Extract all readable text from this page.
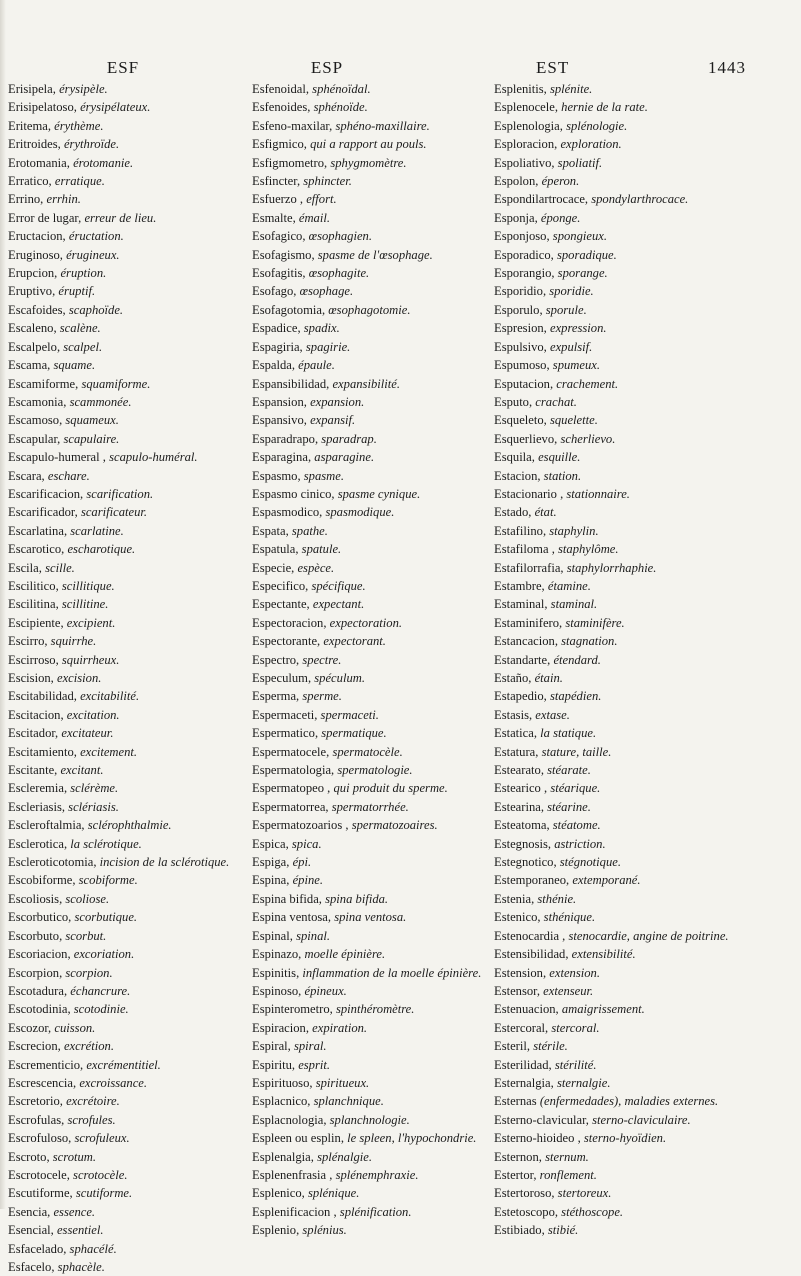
ESF	ESP	EST	1443

Erisipela, érysipèle.

Erisipelatoso, érysipélateux.

Eritema, érythème.

Eritroides, érythroïde.

Erotomania, érotomanie.

Erratico, erratique.

Errino, errhin.

Error de lugar, erreur de lieu.

Eructacion, éructation.

Eruginoso, érugineux.

Erupcion, éruption.

Eruptivo, éruptif.

Escafoides, scaphoïde.

Escaleno, scalène.

Escalpelo, scalpel.

Escama, squame.

Escamiforme, squamiforme.

Escamonia, scammonée.

Escamoso, squameux.

Escapular, scapulaire.

Escapulo-humeral , scapulo-huméral.

Escara, eschare.

Escarificacion, scarification.

Escarificador, scarificateur.

Escarlatina, scarlatine.

Escarotico, escharotique.

Escila, scille.

Escilitico, scillitique.

Escilitina, scillitine.

Escipiente, excipient.

Escirro, squirrhe.

Escirroso, squirrheux.

Escision, excision.

Escitabilidad, excitabilité.

Escitacion, excitation.

Escitador, excitateur.

Escitamiento, excitement.

Escitante, excitant.

Escleremia, sclérème.

Escleriasis, sclériasis.

Escleroftalmia, sclérophthalmie.

Esclerotica, la sclérotique.

Escleroticotomia, incision de la sclérotique.

Escobiforme, scobiforme.

Escoliosis, scoliose.

Escorbutico, scorbutique.

Escorbuto, scorbut.

Escoriacion, excoriation.

Escorpion, scorpion.

Escotadura, échancrure.

Escotodinia, scotodinie.

Escozor, cuisson.

Escrecion, excrétion.

Escrementicio, excrémentitiel.

Escrescencia, excroissance.

Escretorio, excrétoire.

Escrofulas, scrofules.

Escrofuloso, scrofuleux.

Escroto, scrotum.

Escrotocele, scrotocèle.

Escutiforme, scutiforme.

Esencia, essence.

Esencial, essentiel.

Esfacelado, sphacélé.

Esfacelo, sphacèle.

Esfenoidal, sphénoïdal.

Esfenoides, sphénoïde.

Esfeno-maxilar, sphéno-maxillaire.

Esfigmico, qui a rapport au pouls.

Esfigmometro, sphygmomètre.

Esfincter, sphincter.

Esfuerzo , effort.

Esmalte, émail.

Esofagico, œsophagien.

Esofagismo, spasme de l'œsophage.

Esofagitis, œsophagite.

Esofago, œsophage.

Esofagotomia, œsophagotomie.

Espadice, spadix.

Espagiria, spagirie.

Espalda, épaule.

Espansibilidad, expansibilité.

Espansion, expansion.

Espansivo, expansif.

Esparadrapo, sparadrap.

Esparagina, asparagine.

Espasmo, spasme.

Espasmo cinico, spasme cynique.

Espasmodico, spasmodique.

Espata, spathe.

Espatula, spatule.

Especie, espèce.

Especifico, spécifique.

Espectante, expectant.

Espectoracion, expectoration.

Espectorante, expectorant.

Espectro, spectre.

Especulum, spéculum.

Esperma, sperme.

Espermaceti, spermaceti.

Espermatico, spermatique.

Espermatocele, spermatocèle.

Espermatologia, spermatologie.

Espermatopeo , qui produit du sperme.

Espermatorrea, spermatorrhée.

Espermatozoarios , spermatozoaires.

Espica, spica.

Espiga, épi.

Espina, épine.

Espina bifida, spina bifida.

Espina ventosa, spina ventosa.

Espinal, spinal.

Espinazo, moelle épinière.

Espinitis, inflammation de la moelle épinière.

Espinoso, épineux.

Espinterometro, spinthéromètre.

Espiracion, expiration.

Espiral, spiral.

Espiritu, esprit.

Espirituoso, spiritueux.

Esplacnico, splanchnique.

Esplacnologia, splanchnologie.

Espleen ou esplin, le spleen, l'hypochondrie.

Esplenalgia, splénalgie.

Esplenenfrasia , splénemphraxie.

Esplenico, splénique.

Esplenificacion , splénification.

Esplenio, splénius.

Esplenitis, splénite.

Esplenocele, hernie de la rate.

Esplenologia, splénologie.

Esploracion, exploration.

Espoliativo, spoliatif.

Espolon, éperon.

Espondilartrocace, spondylarthrocace.

Esponja, éponge.

Esponjoso, spongieux.

Esporadico, sporadique.

Esporangio, sporange.

Esporidio, sporidie.

Esporulo, sporule.

Espresion, expression.

Espulsivo, expulsif.

Espumoso, spumeux.

Esputacion, crachement.

Esputo, crachat.

Esqueleto, squelette.

Esquerlievo, scherlievo.

Esquila, esquille.

Estacion, station.

Estacionario , stationnaire.

Estado, état.

Estafilino, staphylin.

Estafiloma , staphylôme.

Estafilorrafia, staphylorrhaphie.

Estambre, étamine.

Estaminal, staminal.

Estaminifero, staminifère.

Estancacion, stagnation.

Estandarte, étendard.

Estaño, étain.

Estapedio, stapédien.

Estasis, extase.

Estatica, la statique.

Estatura, stature, taille.

Estearato, stéarate.

Estearico , stéarique.

Estearina, stéarine.

Esteatoma, stéatome.

Estegnosis, astriction.

Estegnotico, stégnotique.

Estemporaneo, extemporané.

Estenia, sthénie.

Estenico, sthénique.

Estenocardia , stenocardie, angine de poitrine.

Estensibilidad, extensibilité.

Estension, extension.

Estensor, extenseur.

Estenuacion, amaigrissement.

Estercoral, stercoral.

Esteril, stérile.

Esterilidad, stérilité.

Esternalgia, sternalgie.

Esternas (enfermedades), maladies externes.

Esterno-clavicular, sterno-claviculaire.

Esterno-hioideo , sterno-hyoïdien.

Esternon, sternum.

Estertor, ronflement.

Estertoroso, stertoreux.

Estetoscopo, stéthoscope.

Estibiado, stibié.
